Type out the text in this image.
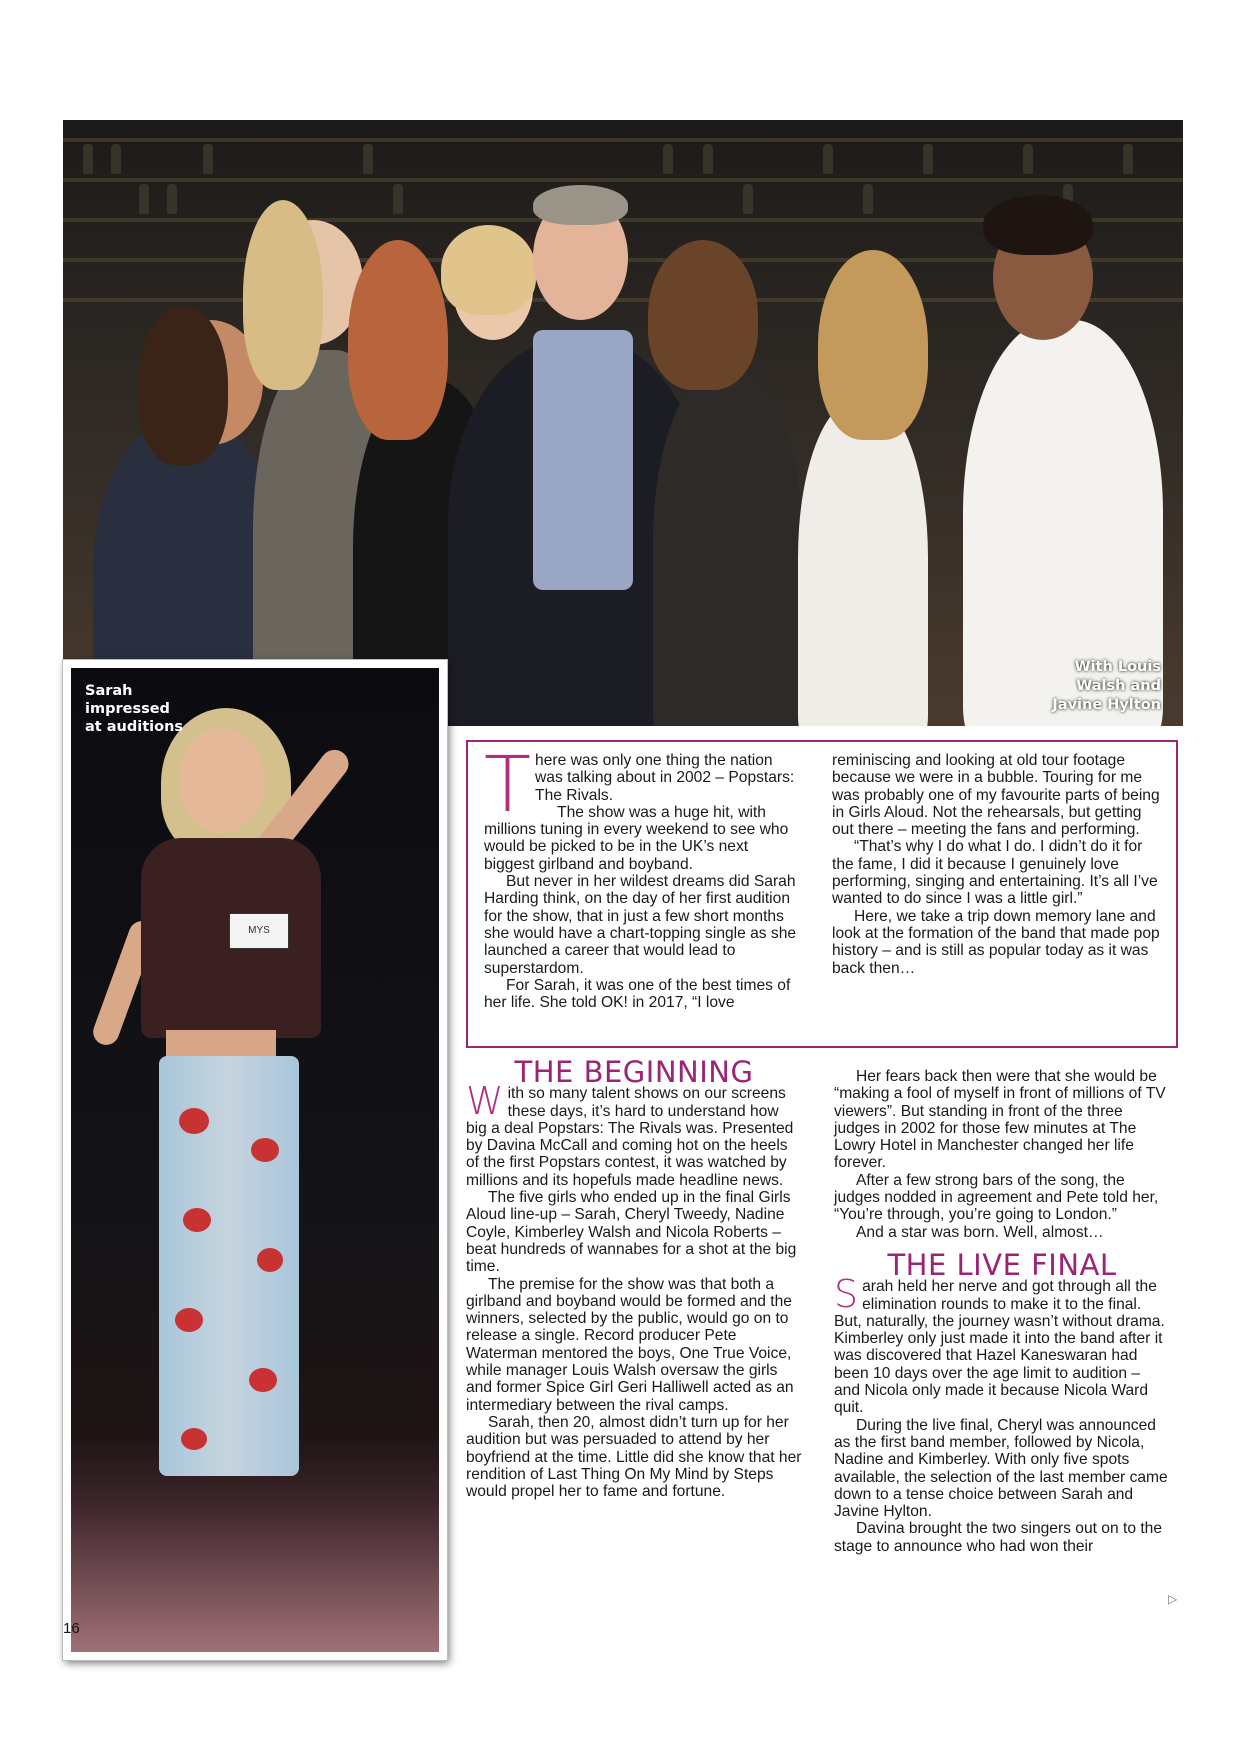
With Louis
Walsh and
Javine Hylton
MYS
Sarah
impressed
at auditions

There was only one thing the nation was talking about in 2002 – Popstars: The Rivals.

The show was a huge hit, with millions tuning in every weekend to see who would be picked to be in the UK’s next biggest girlband and boyband.

But never in her wildest dreams did Sarah Harding think, on the day of her first audition for the show, that in just a few short months she would have a chart-topping single as she launched a career that would lead to superstardom.

For Sarah, it was one of the best times of her life. She told OK! in 2017, “I love

reminiscing and looking at old tour footage because we were in a bubble. Touring for me was probably one of my favourite parts of being in Girls Aloud. Not the rehearsals, but getting out there – meeting the fans and performing.

“That’s why I do what I do. I didn’t do it for the fame, I did it because I genuinely love performing, singing and entertaining. It’s all I’ve wanted to do since I was a little girl.”

Here, we take a trip down memory lane and look at the formation of the band that made pop history – and is still as popular today as it was back then…

THE BEGINNING

With so many talent shows on our screens these days, it’s hard to understand how big a deal Popstars: The Rivals was. Presented by Davina McCall and coming hot on the heels of the first Popstars contest, it was watched by millions and its hopefuls made headline news.

The five girls who ended up in the final Girls Aloud line-up – Sarah, Cheryl Tweedy, Nadine Coyle, Kimberley Walsh and Nicola Roberts – beat hundreds of wannabes for a shot at the big time.

The premise for the show was that both a girlband and boyband would be formed and the winners, selected by the public, would go on to release a single. Record producer Pete Waterman mentored the boys, One True Voice, while manager Louis Walsh oversaw the girls and former Spice Girl Geri Halliwell acted as an intermediary between the rival camps.

Sarah, then 20, almost didn’t turn up for her audition but was persuaded to attend by her boyfriend at the time. Little did she know that her rendition of Last Thing On My Mind by Steps would propel her to fame and fortune.

Her fears back then were that she would be “making a fool of myself in front of millions of TV viewers”. But standing in front of the three judges in 2002 for those few minutes at The Lowry Hotel in Manchester changed her life forever.

After a few strong bars of the song, the judges nodded in agreement and Pete told her, “You’re through, you’re going to London.”

And a star was born. Well, almost…

THE LIVE FINAL

Sarah held her nerve and got through all the elimination rounds to make it to the final. But, naturally, the journey wasn’t without drama. Kimberley only just made it into the band after it was discovered that Hazel Kaneswaran had been 10 days over the age limit to audition – and Nicola only made it because Nicola Ward quit.

During the live final, Cheryl was announced as the first band member, followed by Nicola, Nadine and Kimberley. With only five spots available, the selection of the last member came down to a tense choice between Sarah and Javine Hylton.

Davina brought the two singers out on to the stage to announce who had won their

▷
16
